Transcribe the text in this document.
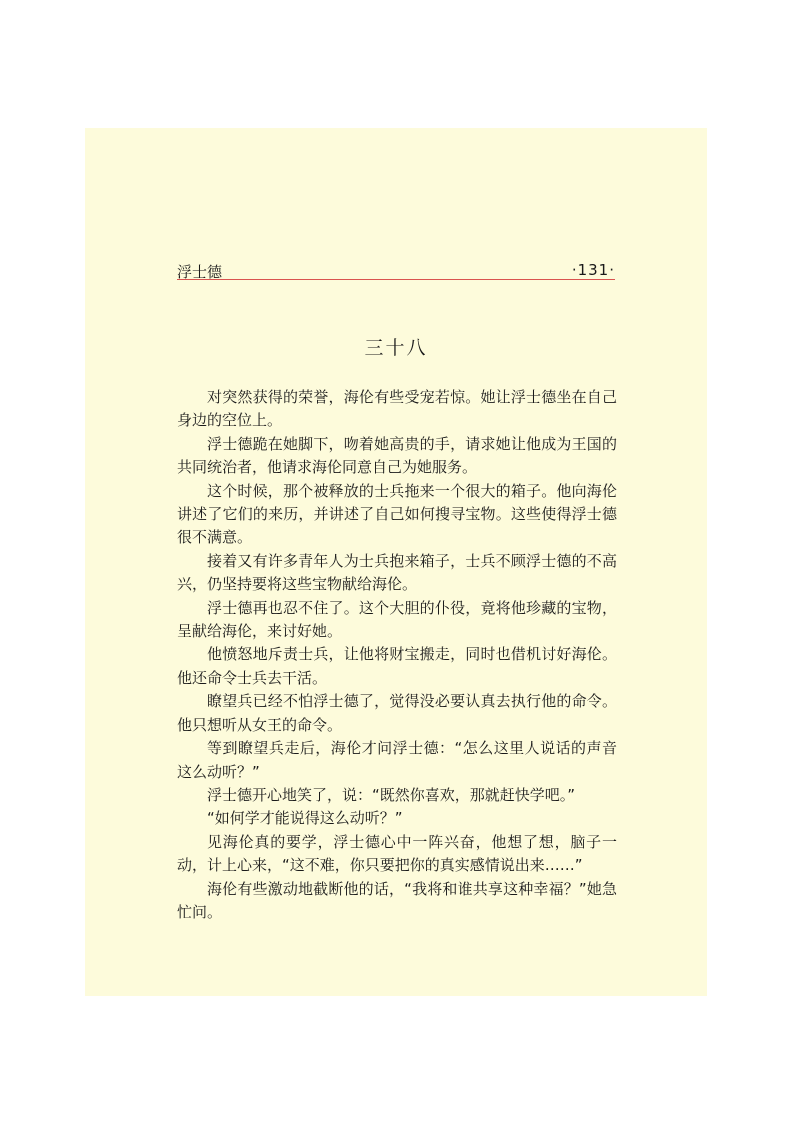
浮士德	·131·
三十八

对突然获得的荣誉，海伦有些受宠若惊。她让浮士德坐在自己身边的空位上。

浮士德跪在她脚下，吻着她高贵的手，请求她让他成为王国的共同统治者，他请求海伦同意自己为她服务。

这个时候，那个被释放的士兵拖来一个很大的箱子。他向海伦讲述了它们的来历，并讲述了自己如何搜寻宝物。这些使得浮士德很不满意。

接着又有许多青年人为士兵抱来箱子，士兵不顾浮士德的不高兴，仍坚持要将这些宝物献给海伦。

浮士德再也忍不住了。这个大胆的仆役，竟将他珍藏的宝物，呈献给海伦，来讨好她。

他愤怒地斥责士兵，让他将财宝搬走，同时也借机讨好海伦。他还命令士兵去干活。

瞭望兵已经不怕浮士德了，觉得没必要认真去执行他的命令。他只想听从女王的命令。

等到瞭望兵走后，海伦才问浮士德：“怎么这里人说话的声音这么动听？”

浮士德开心地笑了，说：“既然你喜欢，那就赶快学吧。”

“如何学才能说得这么动听？”

见海伦真的要学，浮士德心中一阵兴奋，他想了想，脑子一动，计上心来，“这不难，你只要把你的真实感情说出来……”

海伦有些激动地截断他的话，“我将和谁共享这种幸福？”她急忙问。
